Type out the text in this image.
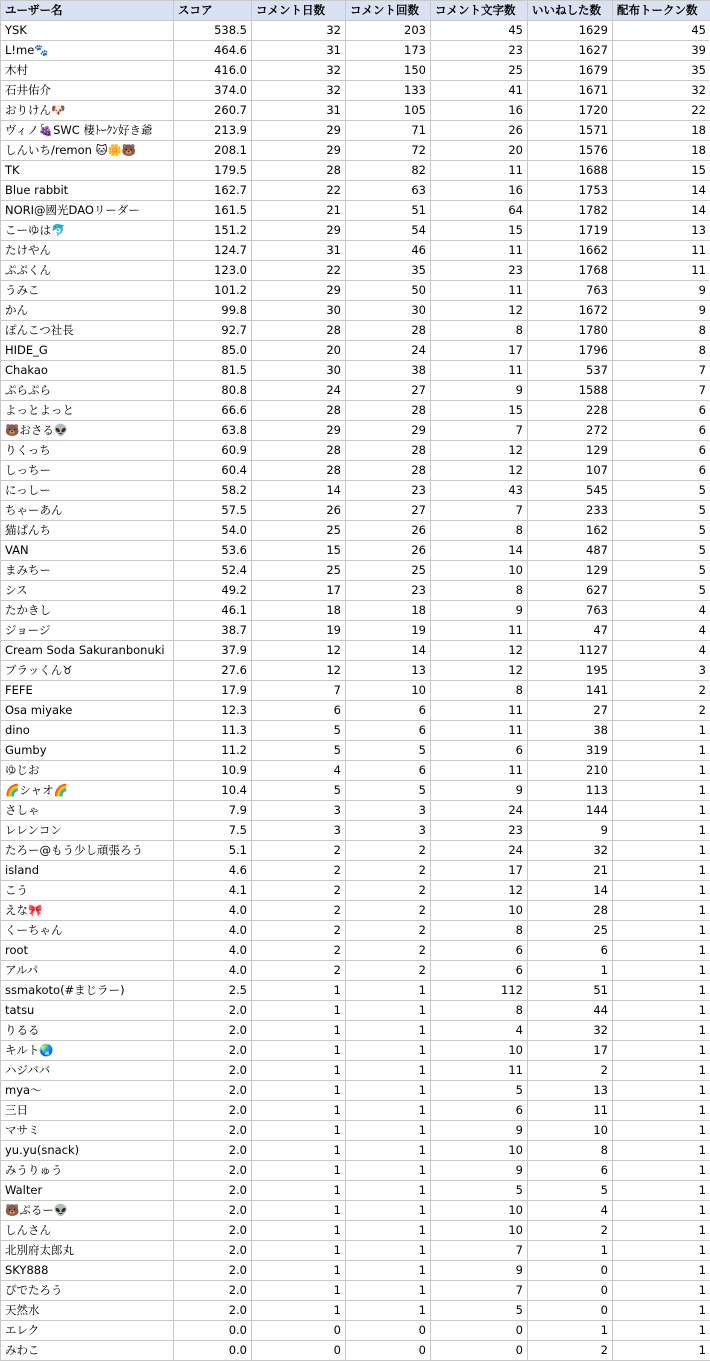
ユーザー名	スコア	コメント日数	コメント回数	コメント文字数	いいねした数	配布トークン数
YSK	538.5	32	203	45	1629	45
L!me🐾	464.6	31	173	23	1627	39
木村	416.0	32	150	25	1679	35
石井佑介	374.0	32	133	41	1671	32
おりけん🐶	260.7	31	105	16	1720	22
ヴィノ🍇SWC 棲ﾄｰｸﾝ好き爺	213.9	29	71	26	1571	18
しんいち/remon 🐱🌼🐻	208.1	29	72	20	1576	18
TK	179.5	28	82	11	1688	15
Blue rabbit	162.7	22	63	16	1753	14
NORI@國光DAOリーダー	161.5	21	51	64	1782	14
こーゆは🐬	151.2	29	54	15	1719	13
たけやん	124.7	31	46	11	1662	11
ぷぷくん	123.0	22	35	23	1768	11
うみこ	101.2	29	50	11	763	9
かん	99.8	30	30	12	1672	9
ぽんこつ社長	92.7	28	28	8	1780	8
HIDE_G	85.0	20	24	17	1796	8
Chakao	81.5	30	38	11	537	7
ぷらぷら	80.8	24	27	9	1588	7
よっとよっと	66.6	28	28	15	228	6
🐻おさる👽	63.8	29	29	7	272	6
りくっち	60.9	28	28	12	129	6
しっちー	60.4	28	28	12	107	6
にっしー	58.2	14	23	43	545	5
ちゃーあん	57.5	26	27	7	233	5
猫ぱんち	54.0	25	26	8	162	5
VAN	53.6	15	26	14	487	5
まみちー	52.4	25	25	10	129	5
シス	49.2	17	23	8	627	5
たかきし	46.1	18	18	9	763	4
ジョージ	38.7	19	19	11	47	4
Cream Soda Sakuranbonuki	37.9	12	14	12	1127	4
ブラッくん♉	27.6	12	13	12	195	3
FEFE	17.9	7	10	8	141	2
Osa miyake	12.3	6	6	11	27	2
dino	11.3	5	6	11	38	1
Gumby	11.2	5	5	6	319	1
ゆじお	10.9	4	6	11	210	1
🌈シャオ🌈	10.4	5	5	9	113	1
さしゃ	7.9	3	3	24	144	1
レレンコン	7.5	3	3	23	9	1
たろー@もう少し頑張ろう	5.1	2	2	24	32	1
island	4.6	2	2	17	21	1
こう	4.1	2	2	12	14	1
えな🎀	4.0	2	2	10	28	1
くーちゃん	4.0	2	2	8	25	1
root	4.0	2	2	6	6	1
アルパ	4.0	2	2	6	1	1
ssmakoto(#まじラー)	2.5	1	1	112	51	1
tatsu	2.0	1	1	8	44	1
りるる	2.0	1	1	4	32	1
キルト🌏	2.0	1	1	10	17	1
ハジババ	2.0	1	1	11	2	1
mya〜	2.0	1	1	5	13	1
三日	2.0	1	1	6	11	1
マサミ	2.0	1	1	9	10	1
yu.yu(snack)	2.0	1	1	10	8	1
みうりゅう	2.0	1	1	9	6	1
Walter	2.0	1	1	5	5	1
🐻ぷるー👽	2.0	1	1	10	4	1
しんさん	2.0	1	1	10	2	1
北別府太郎丸	2.0	1	1	7	1	1
SKY888	2.0	1	1	9	0	1
ぴでたろう	2.0	1	1	7	0	1
天然水	2.0	1	1	5	0	1
エレク	0.0	0	0	0	1	1
みわこ	0.0	0	0	0	2	1
